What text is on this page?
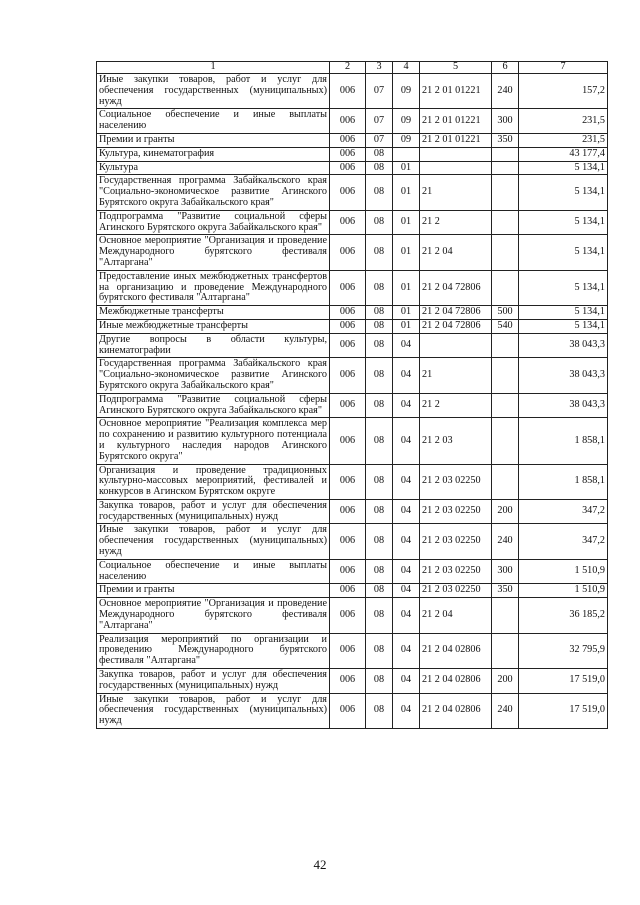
1	2	3	4	5	6	7
Иные закупки товаров, работ и услуг для обеспечения государственных (муниципальных) нужд	006	07	09	21 2 01 01221	240	157,2
Социальное обеспечение и иные выплаты населению	006	07	09	21 2 01 01221	300	231,5
Премии и гранты	006	07	09	21 2 01 01221	350	231,5
Культура, кинематография	006	08				43 177,4
Культура	006	08	01			5 134,1
Государственная программа Забайкальского края "Социально-экономическое развитие Агинского Бурятского округа Забайкальского края"	006	08	01	21		5 134,1
Подпрограмма "Развитие социальной сферы Агинского Бурятского округа Забайкальского края"	006	08	01	21 2		5 134,1
Основное мероприятие "Организация и проведение Международного бурятского фестиваля "Алтаргана"	006	08	01	21 2 04		5 134,1
Предоставление иных межбюджетных трансфертов на организацию и проведение Международного бурятского фестиваля "Алтаргана"	006	08	01	21 2 04 72806		5 134,1
Межбюджетные трансферты	006	08	01	21 2 04 72806	500	5 134,1
Иные межбюджетные трансферты	006	08	01	21 2 04 72806	540	5 134,1
Другие вопросы в области культуры, кинематографии	006	08	04			38 043,3
Государственная программа Забайкальского края "Социально-экономическое развитие Агинского Бурятского округа Забайкальского края"	006	08	04	21		38 043,3
Подпрограмма "Развитие социальной сферы Агинского Бурятского округа Забайкальского края"	006	08	04	21 2		38 043,3
Основное мероприятие "Реализация комплекса мер по сохранению и развитию культурного потенциала и культурного наследия народов Агинского Бурятского округа"	006	08	04	21 2 03		1 858,1
Организация и проведение традиционных культурно-массовых мероприятий, фестивалей и конкурсов в Агинском Бурятском округе	006	08	04	21 2 03 02250		1 858,1
Закупка товаров, работ и услуг для обеспечения государственных (муниципальных) нужд	006	08	04	21 2 03 02250	200	347,2
Иные закупки товаров, работ и услуг для обеспечения государственных (муниципальных) нужд	006	08	04	21 2 03 02250	240	347,2
Социальное обеспечение и иные выплаты населению	006	08	04	21 2 03 02250	300	1 510,9
Премии и гранты	006	08	04	21 2 03 02250	350	1 510,9
Основное мероприятие "Организация и проведение Международного бурятского фестиваля "Алтаргана"	006	08	04	21 2 04		36 185,2
Реализация мероприятий по организации и проведению Международного бурятского фестиваля "Алтаргана"	006	08	04	21 2 04 02806		32 795,9
Закупка товаров, работ и услуг для обеспечения государственных (муниципальных) нужд	006	08	04	21 2 04 02806	200	17 519,0
Иные закупки товаров, работ и услуг для обеспечения государственных (муниципальных) нужд	006	08	04	21 2 04 02806	240	17 519,0
42
